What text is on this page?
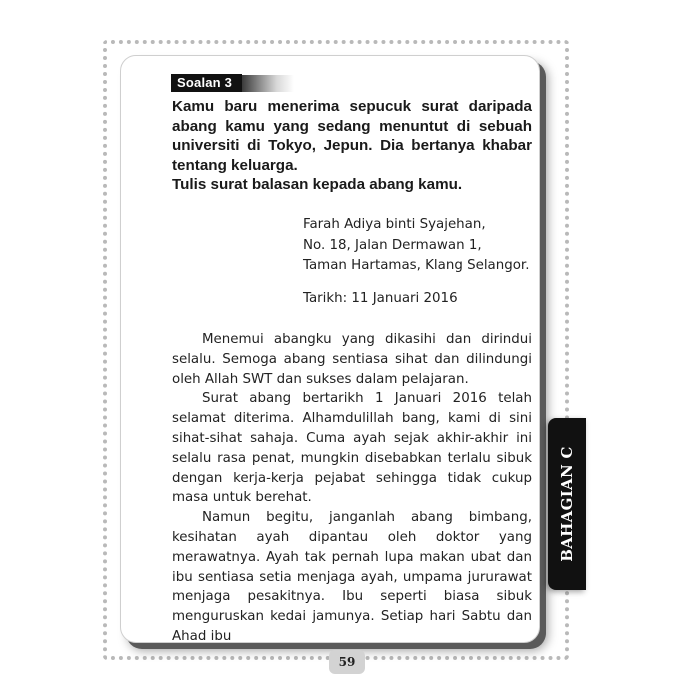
Soalan 3

Kamu baru menerima sepucuk surat daripada abang kamu yang sedang menuntut di sebuah universiti di Tokyo, Jepun. Dia bertanya khabar tentang keluarga.

Tulis surat balasan kepada abang kamu.

Farah Adiya binti Syajehan,
No. 18, Jalan Dermawan 1,
Taman Hartamas, Klang Selangor.
Tarikh: 11 Januari 2016

Menemui abangku yang dikasihi dan dirindui selalu. Semoga abang sentiasa sihat dan dilindungi oleh Allah SWT dan sukses dalam pelajaran.

Surat abang bertarikh 1 Januari 2016 telah selamat diterima. Alhamdulillah bang, kami di sini sihat-sihat sahaja. Cuma ayah sejak akhir-akhir ini selalu rasa penat, mungkin disebabkan terlalu sibuk dengan kerja-kerja pejabat sehingga tidak cukup masa untuk berehat.

Namun begitu, janganlah abang bimbang, kesihatan ayah dipantau oleh doktor yang merawatnya. Ayah tak pernah lupa makan ubat dan ibu sentiasa setia menjaga ayah, umpama jururawat menjaga pesakitnya. Ibu seperti biasa sibuk menguruskan kedai jamunya. Setiap hari Sabtu dan Ahad ibu

BAHAGIAN C
59
